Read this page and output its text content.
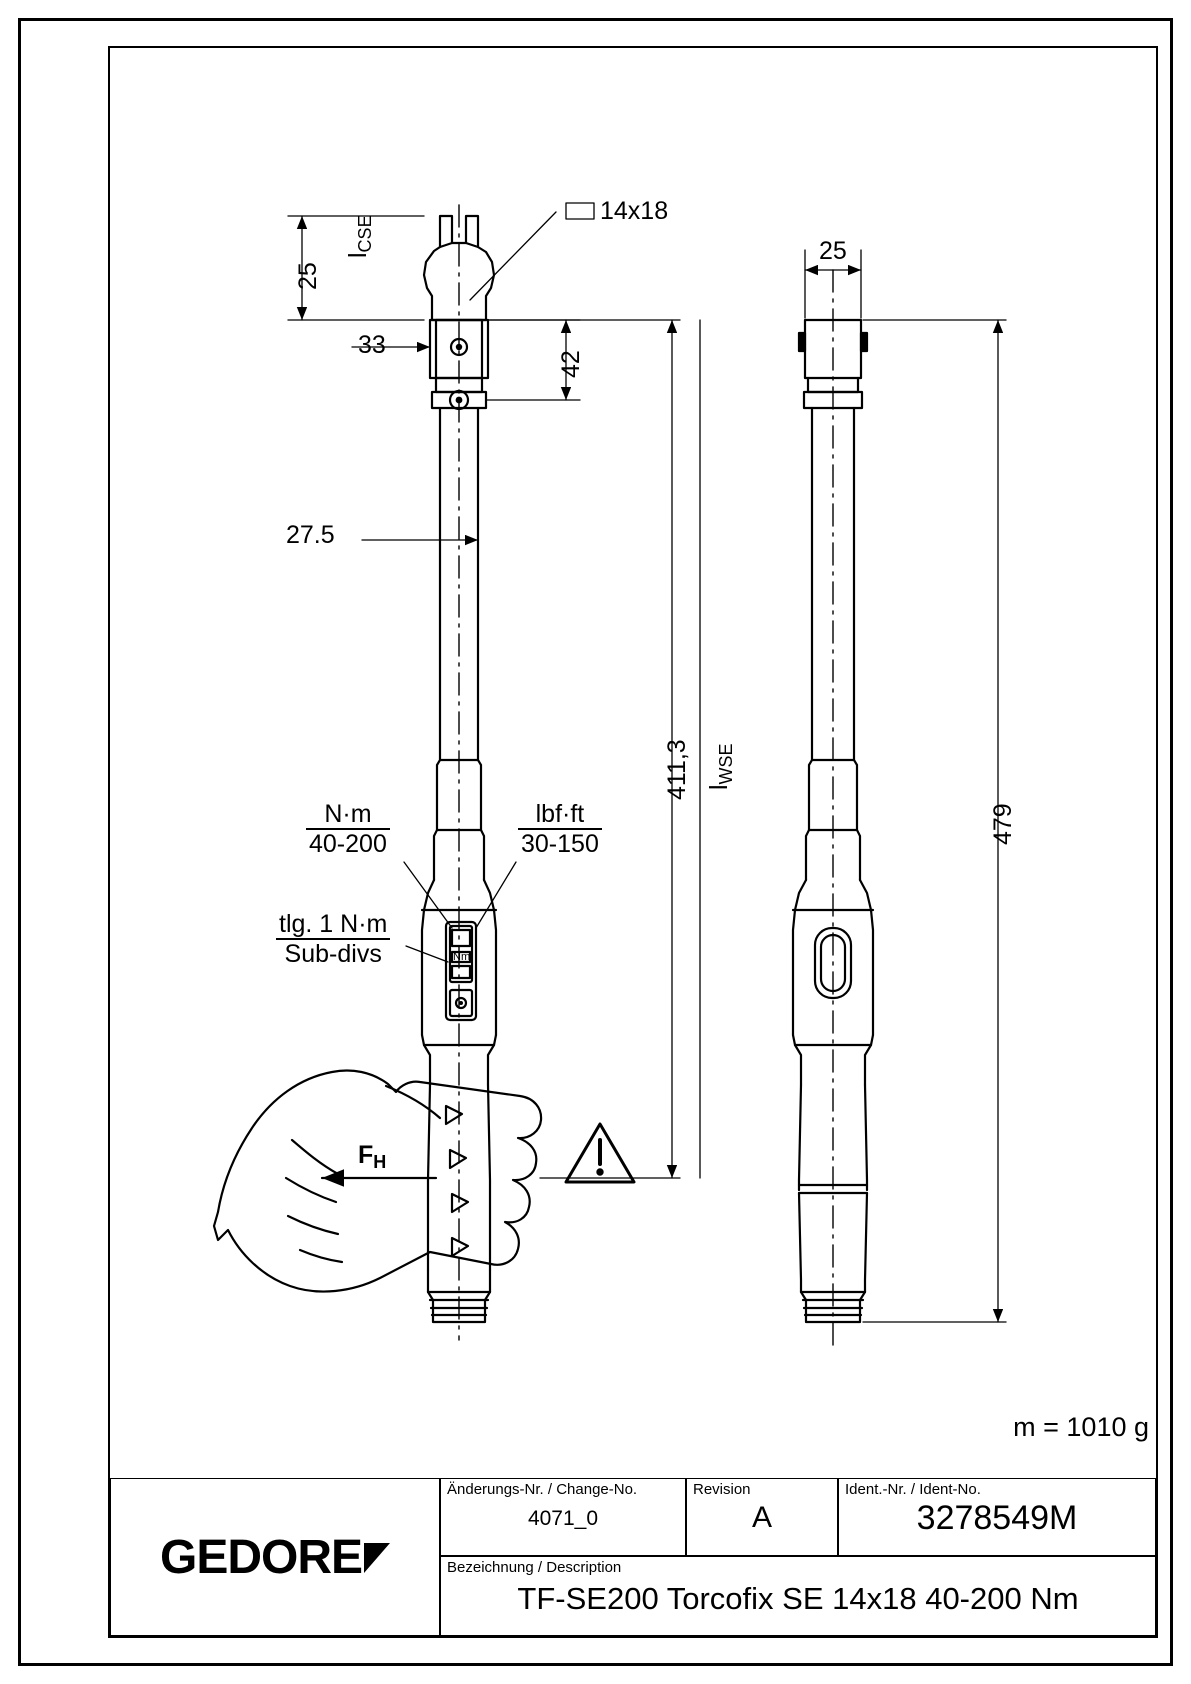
25
$l_{CSE}$
14x18
33
42
27.5
411,3 $l_{WSE}$
25
479
$\frac{N\cdot m}{40-200}$	lbf·ft
30-150
tlg. 1 N·m
Sub-divs	Nm
$F_H$
m = 1010 g
GEDORE
Änderungs-Nr. / Change-No.
4071_0
Revision
A
Ident.-Nr. / Ident-No.
3278549M
Bezeichnung / Description
TF-SE200 Torcofix SE 14x18 40-200 Nm
